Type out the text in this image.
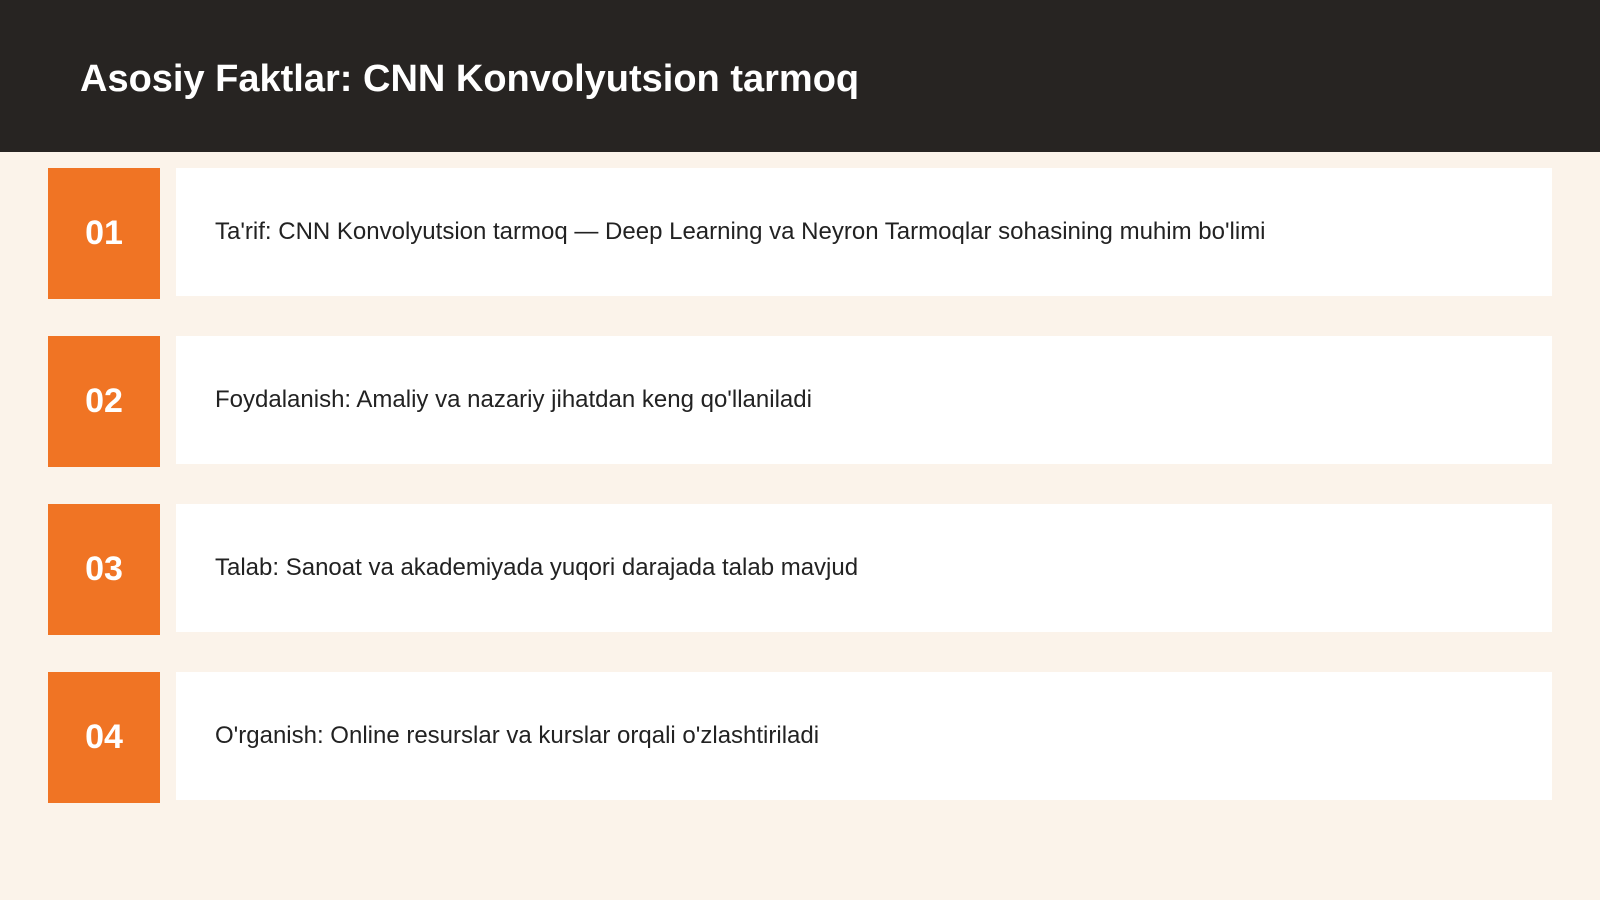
Asosiy Faktlar: CNN Konvolyutsion tarmoq
01	Ta'rif: CNN Konvolyutsion tarmoq — Deep Learning va Neyron Tarmoqlar sohasining muhim bo'limi
02	Foydalanish: Amaliy va nazariy jihatdan keng qo'llaniladi
03	Talab: Sanoat va akademiyada yuqori darajada talab mavjud
04	O'rganish: Online resurslar va kurslar orqali o'zlashtiriladi
